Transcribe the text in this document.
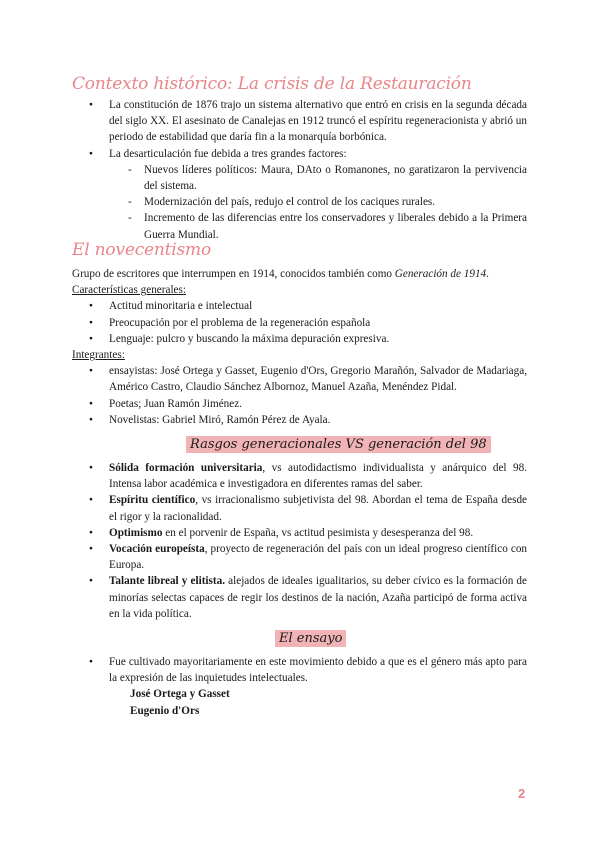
Contexto histórico: La crisis de la Restauración
● La constitución de 1876 trajo un sistema alternativo que entró en crisis en la segunda década del siglo XX. El asesinato de Canalejas en 1912 truncó el espíritu regeneracionista y abrió un periodo de estabilidad que daría fin a la monarquía borbónica.
● La desarticulación fue debida a tres grandes factores:
- Nuevos líderes políticos: Maura, DAto o Romanones, no garatizaron la pervivencia del sistema.
- Modernización del país, redujo el control de los caciques rurales.
- Incremento de las diferencias entre los conservadores y liberales debido a la Primera Guerra Mundial.
El novecentismo
Grupo de escritores que interrumpen en 1914, conocidos también como Generación de 1914.
Características generales:
● Actitud minoritaria e intelectual
● Preocupación por el problema de la regeneración española
● Lenguaje: pulcro y buscando la máxima depuración expresiva.
Integrantes:
● ensayistas: José Ortega y Gasset, Eugenio d'Ors, Gregorio Marañón, Salvador de Madariaga, Américo Castro, Claudio Sánchez Albornoz, Manuel Azaña, Menéndez Pidal.
● Poetas; Juan Ramón Jiménez.
● Novelistas: Gabriel Miró, Ramón Pérez de Ayala.
Rasgos generacionales VS generación del 98
● Sólida formación universitaria, vs autodidactismo individualista y anárquico del 98. Intensa labor académica e investigadora en diferentes ramas del saber.
● Espíritu científico, vs irracionalismo subjetivista del 98. Abordan el tema de España desde el rigor y la racionalidad.
● Optimismo en el porvenir de España, vs actitud pesimista y desesperanza del 98.
● Vocación europeísta, proyecto de regeneración del país con un ideal progreso científico con Europa.
● Talante libreal y elitista. alejados de ideales igualitarios, su deber cívico es la formación de minorías selectas capaces de regir los destinos de la nación, Azaña participó de forma activa en la vida política.
El ensayo
● Fue cultivado mayoritariamente en este movimiento debido a que es el género más apto para la expresión de las inquietudes intelectuales.
José Ortega y Gasset
Eugenio d'Ors
2
